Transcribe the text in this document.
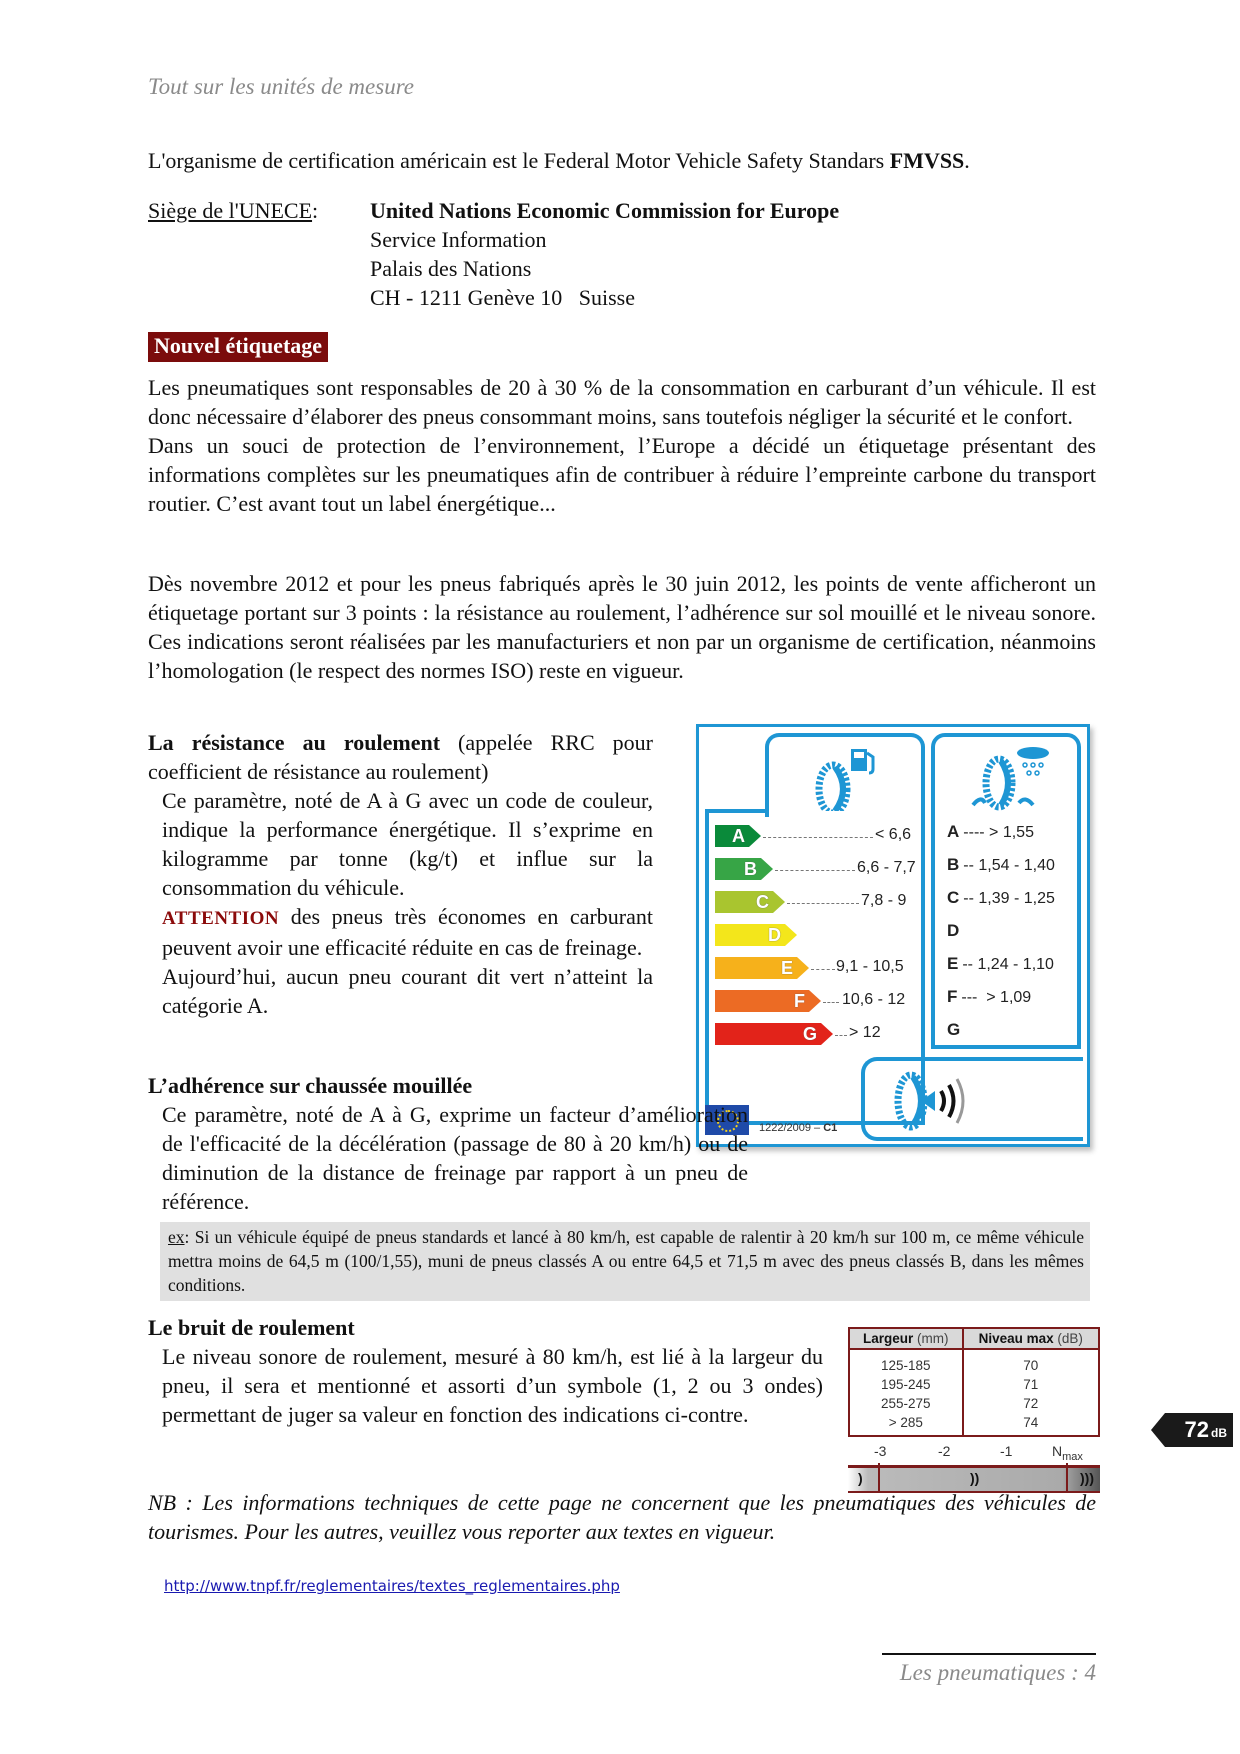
Tout sur les unités de mesure
L'organisme de certification américain est le Federal Motor Vehicle Safety Standars FMVSS.
Siège de l'UNECE: United Nations Economic Commission for Europe
Service Information
Palais des Nations
CH - 1211 Genève 10   Suisse
Nouvel étiquetage
Les pneumatiques sont responsables de 20 à 30 % de la consommation en carburant d’un véhicule. Il est donc nécessaire d’élaborer des pneus consommant moins, sans toutefois négliger la sécurité et le confort.
Dans un souci de protection de l’environnement, l’Europe a décidé un étiquetage présentant des informations complètes sur les pneumatiques afin de contribuer à réduire l’empreinte carbone du transport routier. C’est avant tout un label énergétique...
Dès novembre 2012 et pour les pneus fabriqués après le 30 juin 2012, les points de vente afficheront un étiquetage portant sur 3 points : la résistance au roulement, l’adhérence sur sol mouillé et le niveau sonore. Ces indications seront réalisées par les manufacturiers et non par un organisme de certification, néanmoins l’homologation (le respect des normes ISO) reste en vigueur.
La résistance au roulement (appelée RRC pour coefficient de résistance au roulement)
Ce paramètre, noté de A à G avec un code de couleur, indique la performance énergétique. Il s’exprime en kilogramme par tonne (kg/t) et influe sur la consommation du véhicule.
ATTENTION des pneus très économes en carburant peuvent avoir une efficacité réduite en cas de freinage.
Aujourd’hui, aucun pneu courant dit vert n’atteint la catégorie A.
A	< 6,6
B	6,6 - 7,7
C	7,8 - 9
D
E	9,1 - 10,5
F 10,6 - 12
G > 12
A ---- > 1,55
B -- 1,54 - 1,40
C -- 1,39 - 1,25
D
E -- 1,24 - 1,10
F ---  > 1,09
G
72 dB
1222/2009 – C1
L’adhérence sur chaussée mouillée
Ce paramètre, noté de A à G, exprime un facteur d’amélioration de l'efficacité de la décélération (passage de 80 à 20 km/h) ou de diminution de la distance de freinage par rapport à un pneu de référence.
ex: Si un véhicule équipé de pneus standards et lancé à 80 km/h, est capable de ralentir à 20 km/h sur 100 m, ce même véhicule mettra moins de 64,5 m (100/1,55), muni de pneus classés A ou entre 64,5 et 71,5 m avec des pneus classés B, dans les mêmes conditions.
Le bruit de roulement
Le niveau sonore de roulement, mesuré à 80 km/h, est lié à la largeur du pneu, il sera et mentionné et assorti d’un symbole (1, 2 ou 3 ondes) permettant de juger sa valeur en fonction des indications ci-contre.
Largeur (mm)	Niveau max (dB)
125-185	70
195-245	71
255-275	72
> 285	74
-3	-2	-1	$N_{max}$
)	))	)))
NB : Les informations techniques de cette page ne concernent que les pneumatiques des véhicules de tourismes. Pour les autres, veuillez vous reporter aux textes en vigueur.
http://www.tnpf.fr/reglementaires/textes_reglementaires.php
Les pneumatiques : 4
